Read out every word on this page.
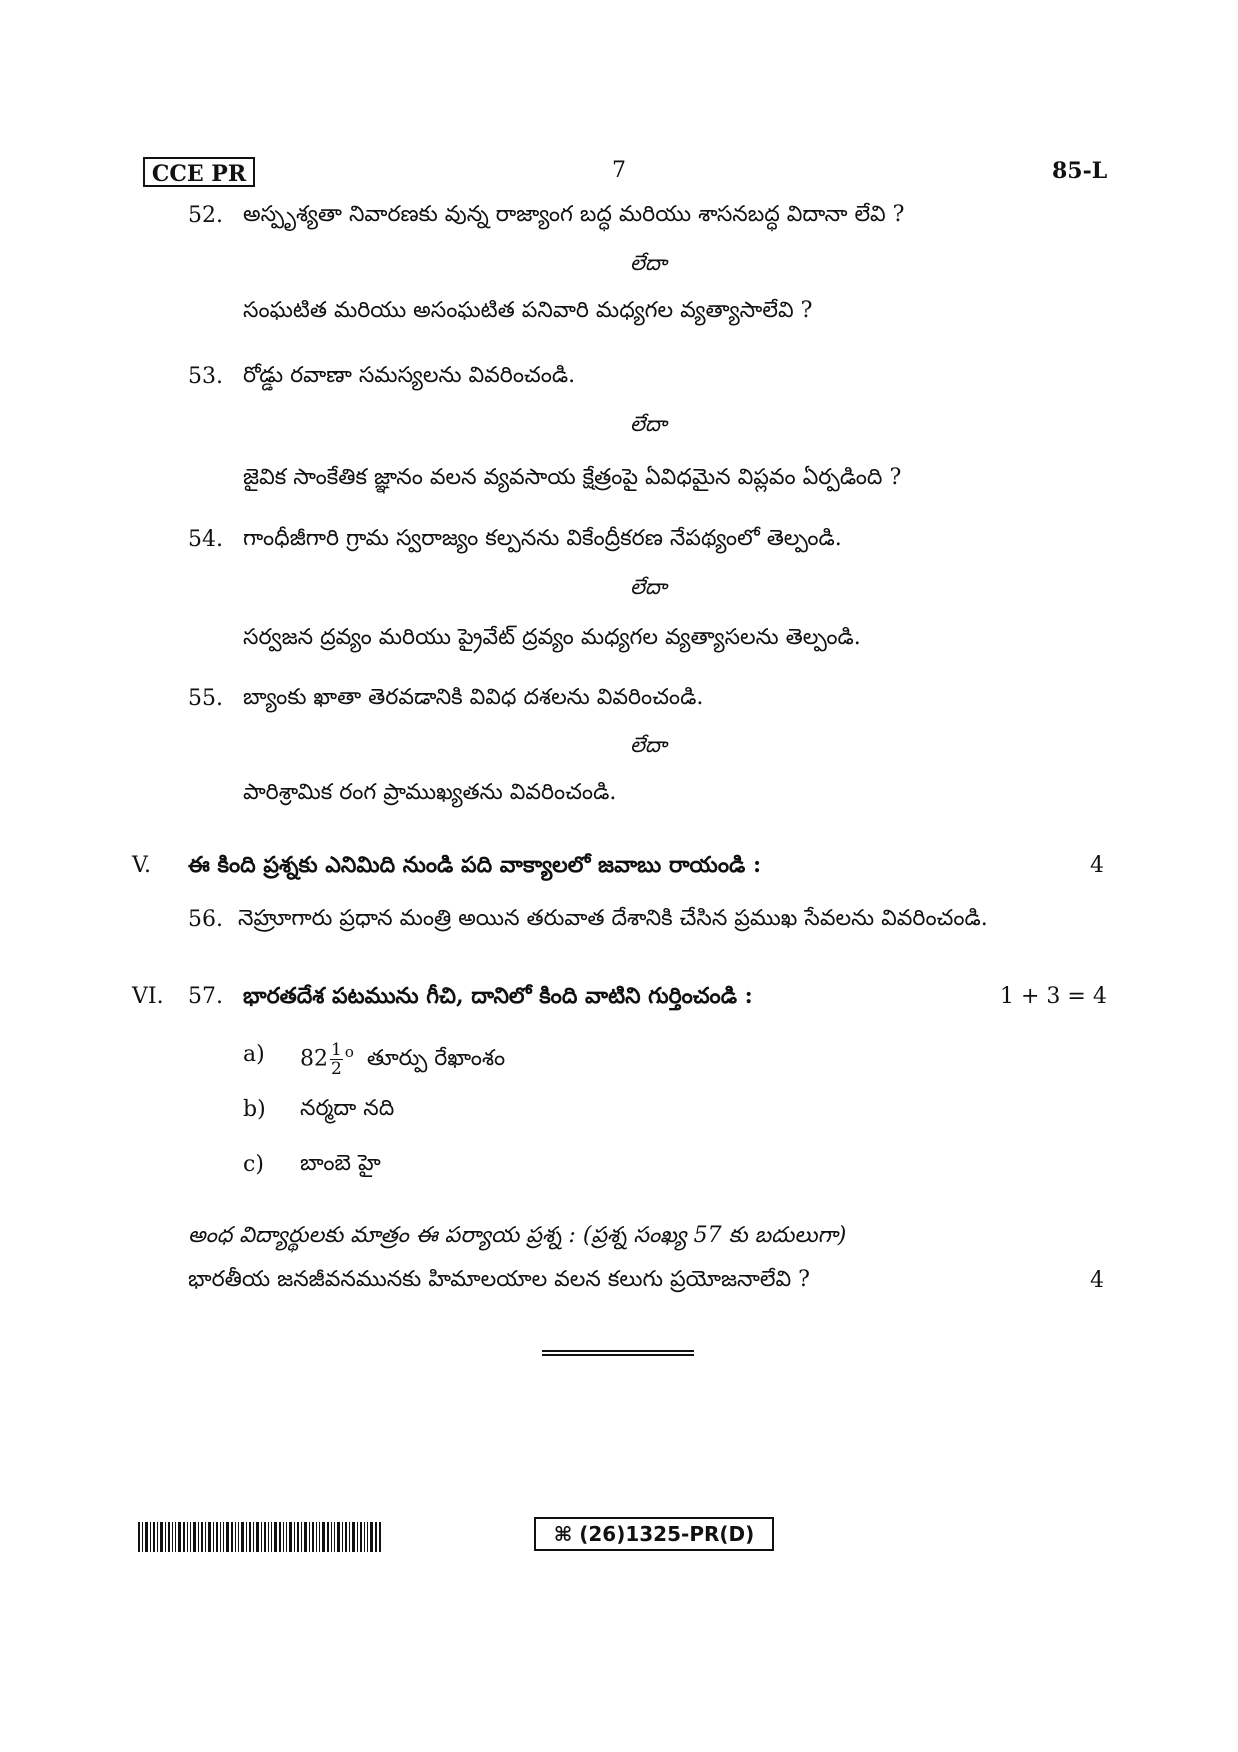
CCE PR	7	85-L
52. అస్పృశ్యతా నివారణకు వున్న రాజ్యాంగ బద్ధ మరియు శాసనబద్ధ విదానా లేవి ?
లేదా
సంఘటిత మరియు అసంఘటిత పనివారి మధ్యగల వ్యత్యాసాలేవి ?
53. రోడ్డు రవాణా సమస్యలను వివరించండి.
లేదా
జైవిక సాంకేతిక జ్ఞానం వలన వ్యవసాయ క్షేత్రంపై ఏవిధమైన విప్లవం ఏర్పడింది ?
54. గాంధీజీగారి గ్రామ స్వరాజ్యం కల్పనను వికేంద్రీకరణ నేపథ్యంలో తెల్పండి.
లేదా
సర్వజన ద్రవ్యం మరియు ప్రైవేట్ ద్రవ్యం మధ్యగల వ్యత్యాసలను తెల్పండి.
55. బ్యాంకు ఖాతా తెరవడానికి వివిధ దశలను వివరించండి.
లేదా
పారిశ్రామిక రంగ ప్రాముఖ్యతను వివరించండి.
V. ఈ కింది ప్రశ్నకు ఎనిమిది నుండి పది వాక్యాలలో జవాబు రాయండి :	4
56. నెహ్రూగారు ప్రధాన మంత్రి అయిన తరువాత దేశానికి చేసిన ప్రముఖ సేవలను వివరించండి.
VI. 57. భారతదేశ పటమును గీచి, దానిలో కింది వాటిని గుర్తించండి :	1 + 3 = 4
a) $82 \frac{1}{2} ^o$ తూర్పు రేఖాంశం
b) నర్మదా నది
c) బాంబె హై
అంధ విద్యార్థులకు మాత్రం ఈ పర్యాయ ప్రశ్న : (ప్రశ్న సంఖ్య 57 కు బదులుగా)
భారతీయ జనజీవనమునకు హిమాలయాల వలన కలుగు ప్రయోజనాలేవి ?	4
⌘ (26)1325-PR(D)
